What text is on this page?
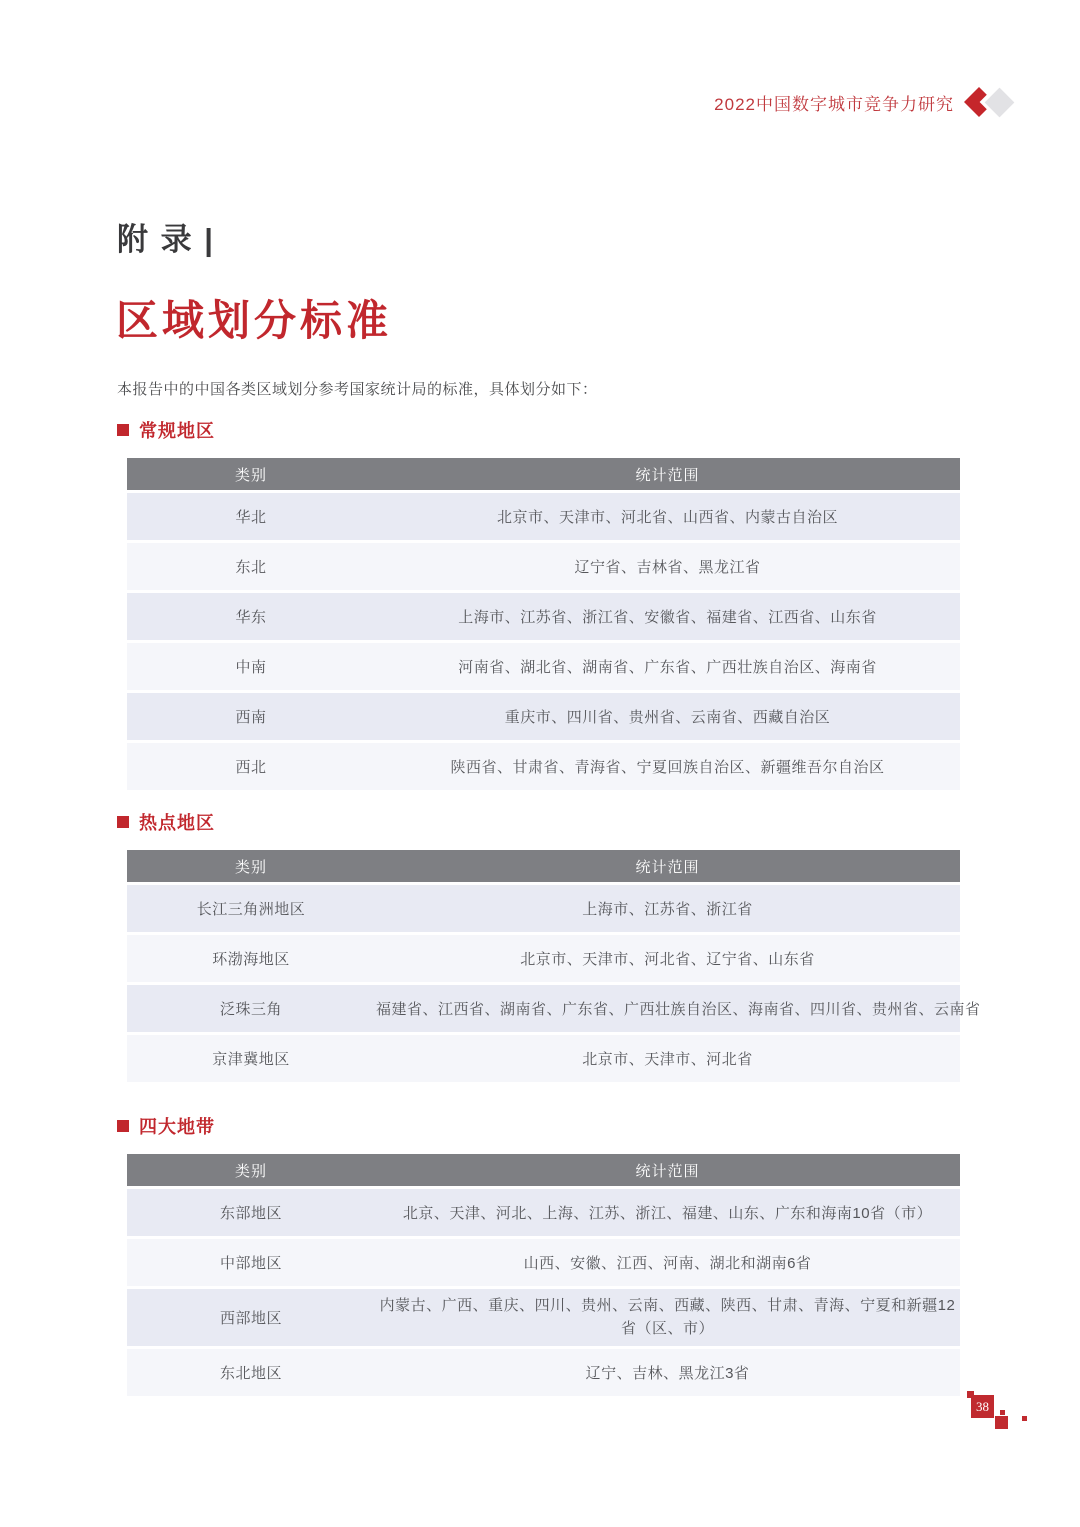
2022中国数字城市竞争力研究
附 录 |
区域划分标准
本报告中的中国各类区域划分参考国家统计局的标准，具体划分如下：
常规地区
类别	统计范围
华北	北京市、天津市、河北省、山西省、内蒙古自治区
东北	辽宁省、吉林省、黑龙江省
华东	上海市、江苏省、浙江省、安徽省、福建省、江西省、山东省
中南	河南省、湖北省、湖南省、广东省、广西壮族自治区、海南省
西南	重庆市、四川省、贵州省、云南省、西藏自治区
西北	陕西省、甘肃省、青海省、宁夏回族自治区、新疆维吾尔自治区
热点地区
类别	统计范围
长江三角洲地区	上海市、江苏省、浙江省
环渤海地区	北京市、天津市、河北省、辽宁省、山东省
泛珠三角	福建省、江西省、湖南省、广东省、广西壮族自治区、海南省、四川省、贵州省、云南省
京津冀地区	北京市、天津市、河北省
四大地带
类别	统计范围
东部地区	北京、天津、河北、上海、江苏、浙江、福建、山东、广东和海南10省（市）
中部地区	山西、安徽、江西、河南、湖北和湖南6省
西部地区	内蒙古、广西、重庆、四川、贵州、云南、西藏、陕西、甘肃、青海、宁夏和新疆12省（区、市）
东北地区	辽宁、吉林、黑龙江3省
38
